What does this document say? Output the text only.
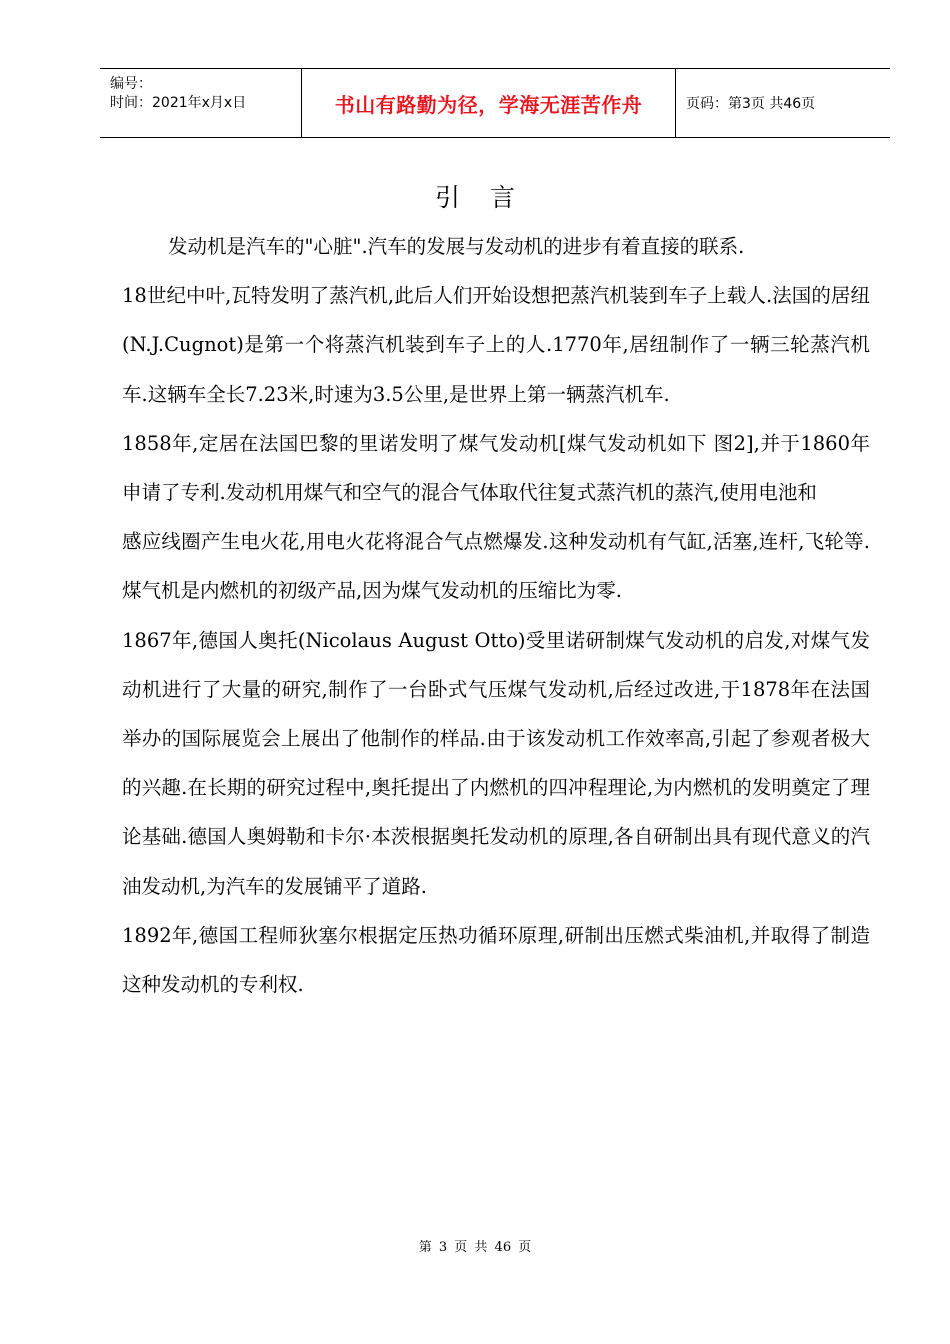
编号：
时间：2021年x月x日	书山有路勤为径，学海无涯苦作舟	页码：第3页 共46页
引言

发动机是汽车的"心脏".汽车的发展与发动机的进步有着直接的联系.

18世纪中叶,瓦特发明了蒸汽机,此后人们开始设想把蒸汽机装到车子上载人.法国的居纽(N.J.Cugnot)是第一个将蒸汽机装到车子上的人.1770年,居纽制作了一辆三轮蒸汽机车.这辆车全长7.23米,时速为3.5公里,是世界上第一辆蒸汽机车.

1858年,定居在法国巴黎的里诺发明了煤气发动机[煤气发动机如下 图2],并于1860年申请了专利.发动机用煤气和空气的混合气体取代往复式蒸汽机的蒸汽,使用电池和

感应线圈产生电火花,用电火花将混合气点燃爆发.这种发动机有气缸,活塞,连杆,飞轮等.煤气机是内燃机的初级产品,因为煤气发动机的压缩比为零.

1867年,德国人奥托(Nicolaus August Otto)受里诺研制煤气发动机的启发,对煤气发动机进行了大量的研究,制作了一台卧式气压煤气发动机,后经过改进,于1878年在法国举办的国际展览会上展出了他制作的样品.由于该发动机工作效率高,引起了参观者极大的兴趣.在长期的研究过程中,奥托提出了内燃机的四冲程理论,为内燃机的发明奠定了理论基础.德国人奥姆勒和卡尔·本茨根据奥托发动机的原理,各自研制出具有现代意义的汽油发动机,为汽车的发展铺平了道路.

1892年,德国工程师狄塞尔根据定压热功循环原理,研制出压燃式柴油机,并取得了制造这种发动机的专利权.

第 3 页 共 46 页
